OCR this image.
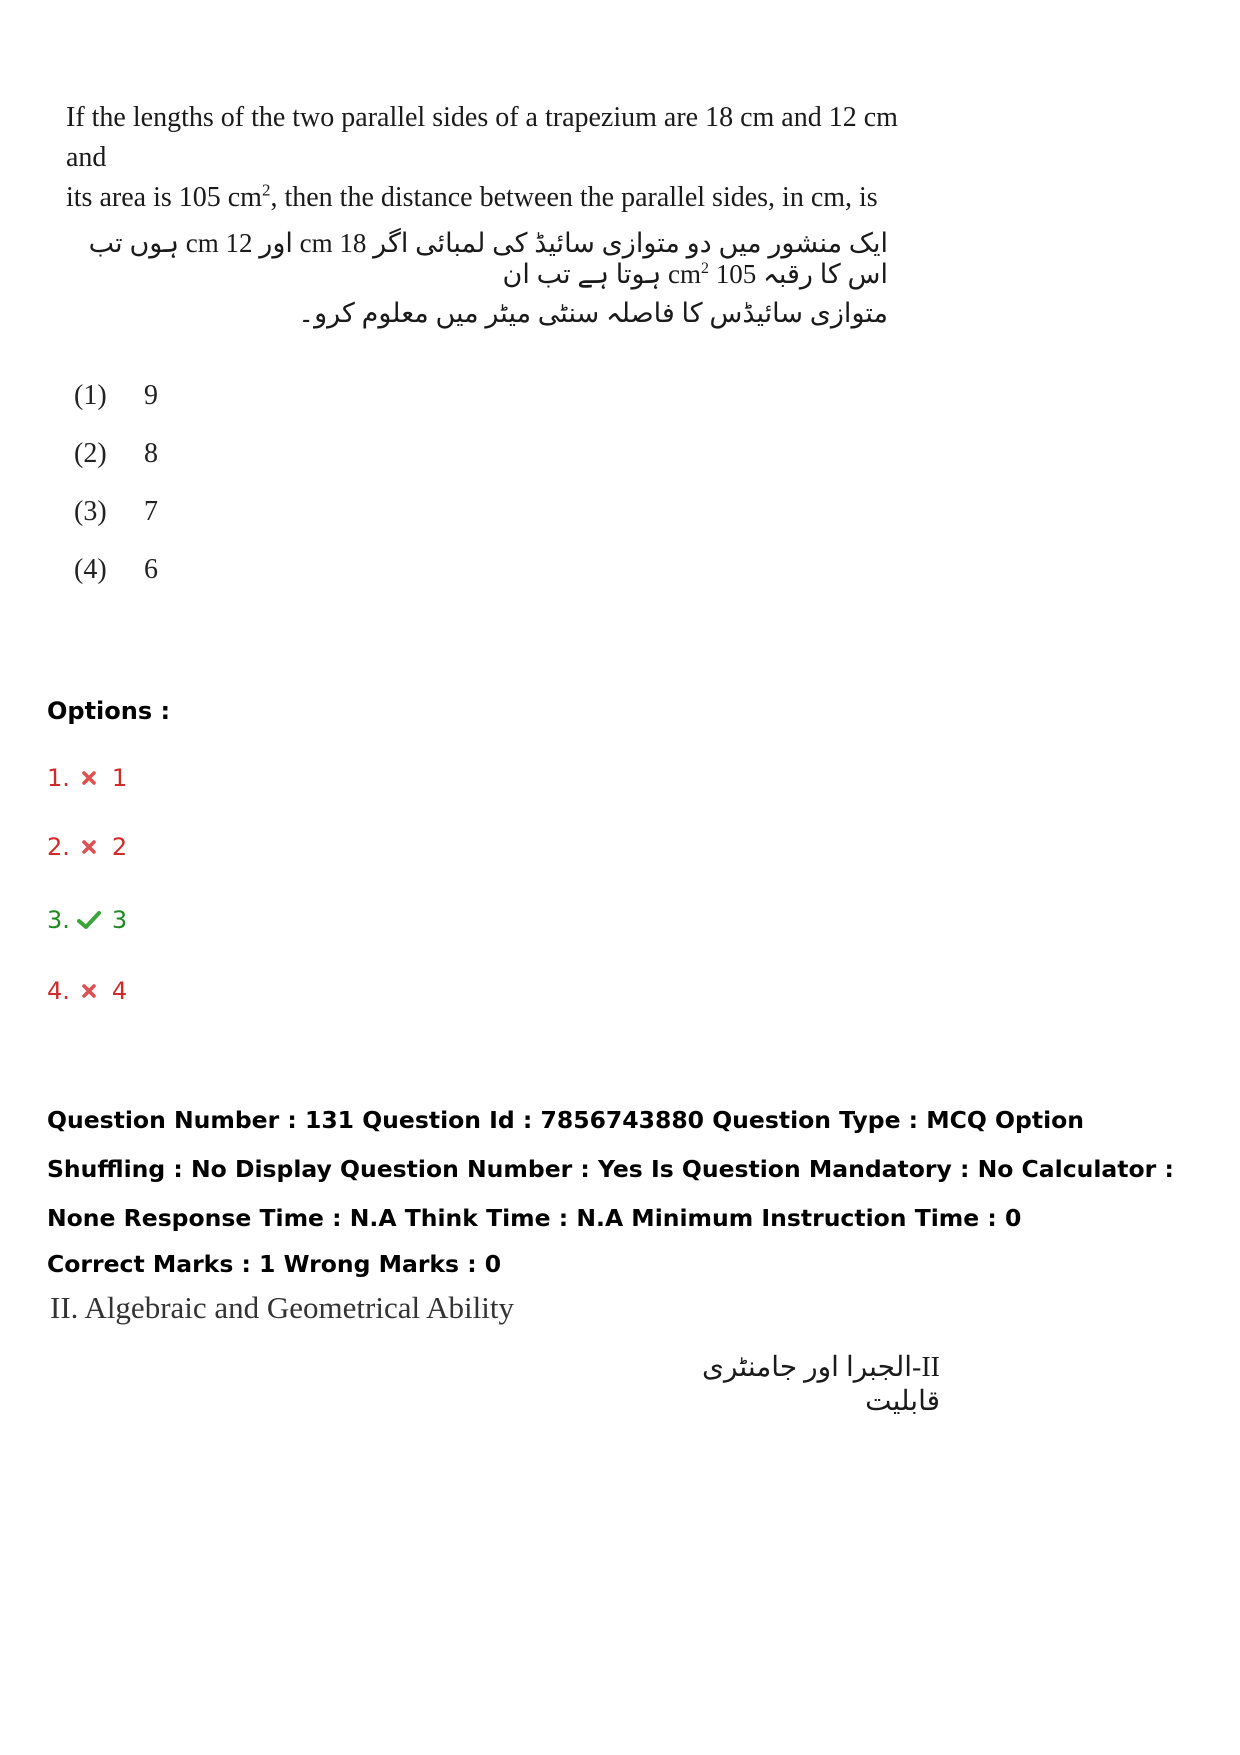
If the lengths of the two parallel sides of a trapezium are 18 cm and 12 cm and
its area is 105 $cm^2$, then the distance between the parallel sides, in cm, is
ایک منشور میں دو متوازی سائیڈ کی لمبائی اگر 18 cm اور 12 cm ہوں تب اس کا رقبہ 105 $cm^2$ ہوتا ہے تب ان
متوازی سائیڈس کا فاصلہ سنٹی میٹر میں معلوم کرو۔
(1) 9
(2) 8
(3) 7
(4) 6
Options :
1. 1
2. 2
3. 3
4. 4
Question Number : 131 Question Id : 7856743880 Question Type : MCQ Option Shuffling : No Display Question Number : Yes Is Question Mandatory : No Calculator : None Response Time : N.A Think Time : N.A Minimum Instruction Time : 0
Correct Marks : 1 Wrong Marks : 0
II. Algebraic and Geometrical Ability
II-الجبرا اور جامنٹری قابلیت
